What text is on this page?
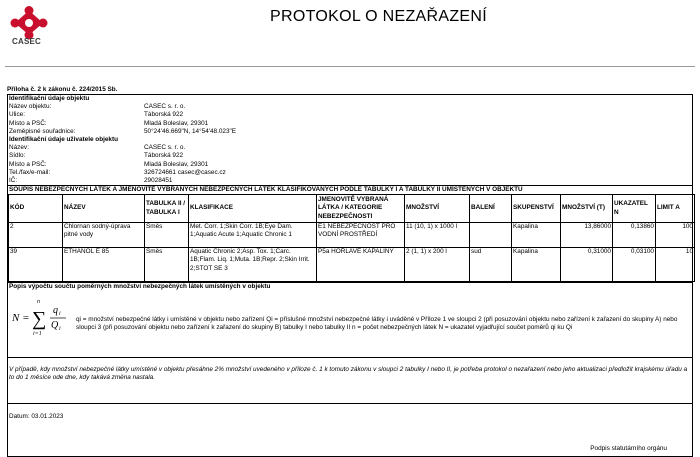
CASEC
PROTOKOL O NEZAŘAZENÍ
Příloha č. 2 k zákonu č. 224/2015 Sb.
Identifikační údaje objektu
Název objektu:	CASEC s. r. o.
Ulice:	Táborská 922
Místo a PSČ:	Mladá Boleslav, 29301
Zeměpisné souřadnice:	50°24'46.669"N, 14°54'48.023"E
Identifikační údaje uživatele objektu
Název:	CASEC s. r. o.
Sídlo:	Táborská 922
Místo a PSČ:	Mladá Boleslav, 29301
Tel./fax/e-mail:	326724661 casec@casec.cz
IČ:	29028451
SOUPIS NEBEZPEČNÝCH LÁTEK A JMENOVITĚ VYBRANÝCH NEBEZPEČNÝCH LÁTEK KLASIFIKOVANÝCH PODLE TABULKY I A TABULKY II UMÍSTĚNÝCH V OBJEKTU
KÓD	NÁZEV	TABULKA II / TABULKA I	KLASIFIKACE	JMENOVITĚ VYBRANÁ LÁTKA / KATEGORIE NEBEZPEČNOSTI	MNOŽSTVÍ	BALENÍ	SKUPENSTVÍ	MNOŽSTVÍ (T)	UKAZATEL N	LIMIT A
2	Chlornan sodný-úprava pitné vody	Směs	Met. Corr. 1;Skin Corr. 1B;Eye Dam. 1;Aquatic Acute 1;Aquatic Chronic 1	E1 NEBEZPEČNOST PRO VODNÍ PROSTŘEDÍ	11 (10, 1) x 1000 l		Kapalina	13,86000	0,13860	100
39	ETHANOL E 85	Směs	Aquatic Chronic 2;Asp. Tox. 1;Carc. 1B;Flam. Liq. 1;Muta. 1B;Repr. 2;Skin Irrit. 2;STOT SE 3	P5a HOŘLAVÉ KAPALINY	2 (1, 1) x 200 l	sud	Kapalina	0,31000	0,03100	10
Popis výpočtu součtu poměrných množství nebezpečných látek umístěných v objektu
N =
n
∑
i=1
q i
Q i
qi = množství nebezpečné látky i umístěné v objektu nebo zařízení Qi = příslušné množství nebezpečné látky i uváděné v Příloze 1 ve sloupci 2 (při posuzování objektu nebo zařízení k zařazení do skupiny A) nebo sloupci 3 (při posuzování objektu nebo zařízení k zařazení do skupiny B) tabulky I nebo tabulky II n = počet nebezpečných látek N = ukazatel vyjadřující součet poměrů qi ku Qi
V případě, kdy množství nebezpečné látky umístěné v objektu přesáhne 2% množství uvedeného v příloze č. 1 k tomuto zákonu v sloupci 2 tabulky I nebo II, je potřeba protokol o nezařazení nebo jeho aktualizaci předložit krajskému úřadu a to do 1 měsíce ode dne, kdy takává změna nastala.
Datum: 03.01.2023
Podpis statutárního orgánu
